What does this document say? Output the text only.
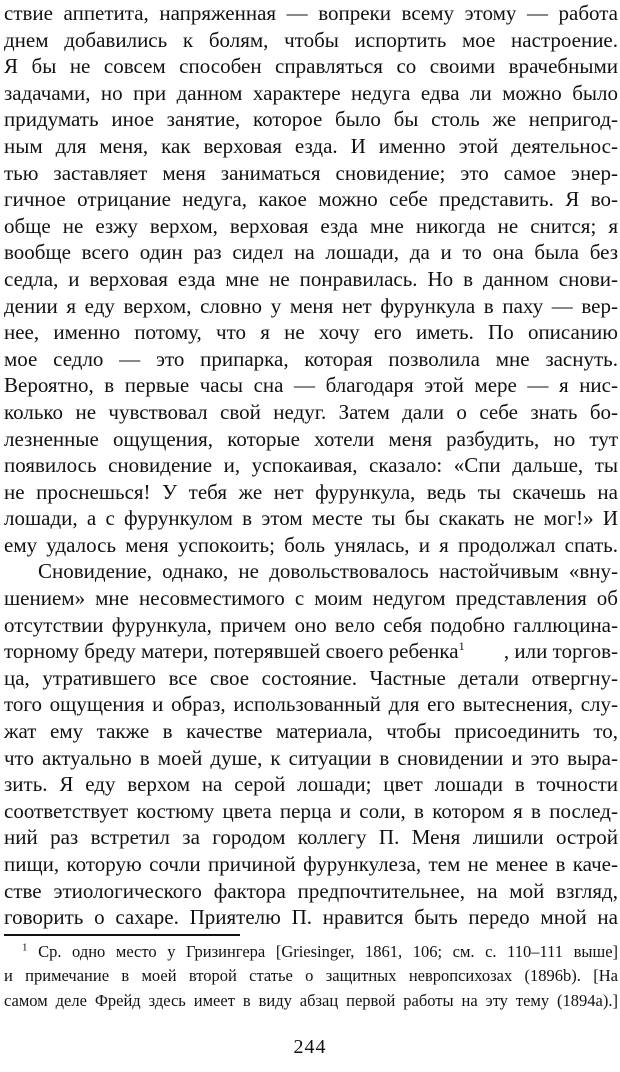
ствие аппетита, напряженная — вопреки всему этому — работа
днем добавились к болям, чтобы испортить мое настроение.
Я бы не совсем способен справляться со своими врачебными
задачами, но при данном характере недуга едва ли можно было
придумать иное занятие, которое было бы столь же непригод-
ным для меня, как верховая езда. И именно этой деятельнос-
тью заставляет меня заниматься сновидение; это самое энер-
гичное отрицание недуга, какое можно себе представить. Я во-
обще не езжу верхом, верховая езда мне никогда не снится; я
вообще всего один раз сидел на лошади, да и то она была без
седла, и верховая езда мне не понравилась. Но в данном снови-
дении я еду верхом, словно у меня нет фурункула в паху — вер-
нее, именно потому, что я не хочу его иметь. По описанию
мое седло — это припарка, которая позволила мне заснуть.
Вероятно, в первые часы сна — благодаря этой мере — я нис-
колько не чувствовал свой недуг. Затем дали о себе знать бо-
лезненные ощущения, которые хотели меня разбудить, но тут
появилось сновидение и, успокаивая, сказало: «Спи дальше, ты
не проснешься! У тебя же нет фурункула, ведь ты скачешь на
лошади, а с фурункулом в этом месте ты бы скакать не мог!» И
ему удалось меня успокоить; боль унялась, и я продолжал спать.
Сновидение, однако, не довольствовалось настойчивым «вну-
шением» мне несовместимого с моим недугом представления об
отсутствии фурункула, причем оно вело себя подобно галлюцина-
торному бреду матери, потерявшей своего ребенка$^1$ , или торгов-
ца, утратившего все свое состояние. Частные детали отвергну-
того ощущения и образ, использованный для его вытеснения, слу-
жат ему также в качестве материала, чтобы присоединить то,
что актуально в моей душе, к ситуации в сновидении и это выра-
зить. Я еду верхом на серой лошади; цвет лошади в точности
соответствует костюму цвета перца и соли, в котором я в послед-
ний раз встретил за городом коллегу П. Меня лишили острой
пищи, которую сочли причиной фурункулеза, тем не менее в каче-
стве этиологического фактора предпочтительнее, на мой взгляд,
говорить о сахаре. Приятелю П. нравится быть передо мной на
$^1$ Ср. одно место у Гризингера [Griesinger, 1861, 106; см. с. 110–111 выше]
и примечание в моей второй статье о защитных невропсихозах (1896b). [На
самом деле Фрейд здесь имеет в виду абзац первой работы на эту тему (1894a).]
244
